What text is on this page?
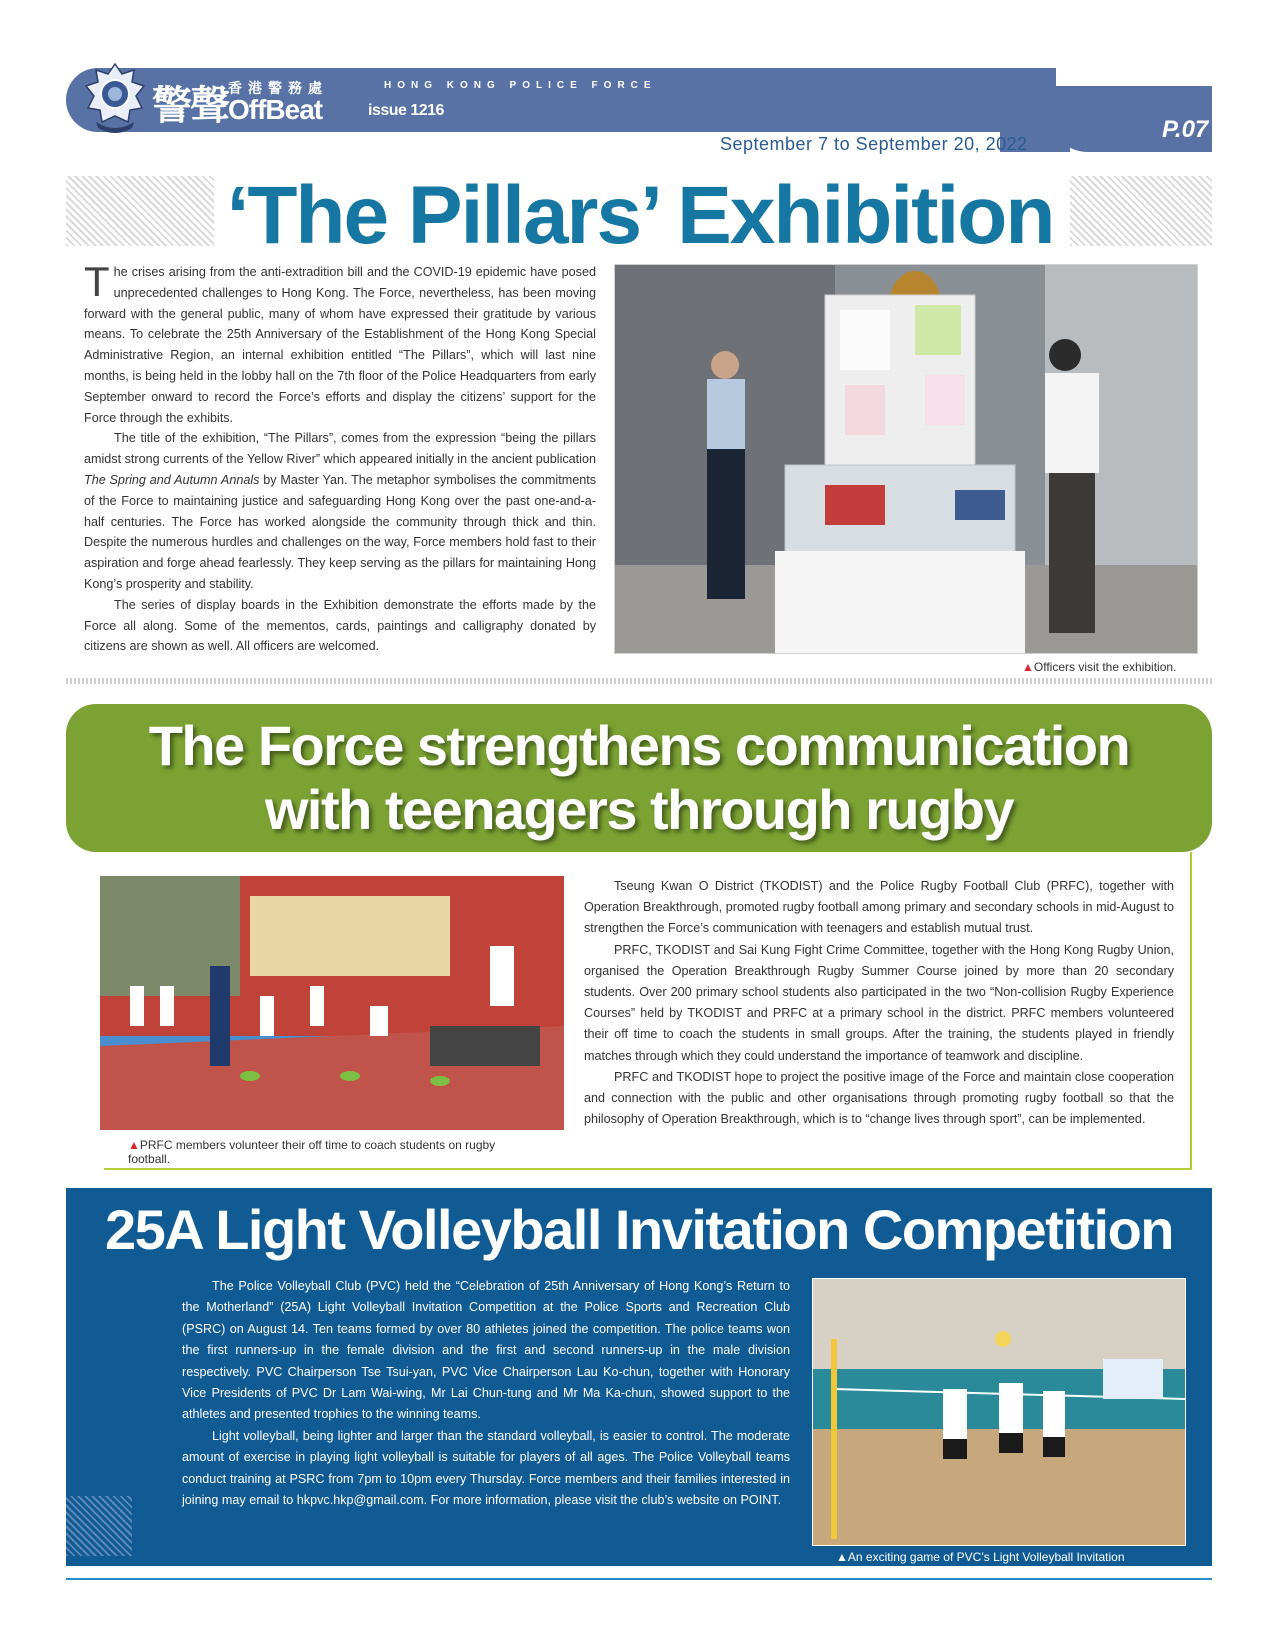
警聲 香港警務處
OffBeat
HONG KONG POLICE FORCE
issue 1216
P.07
September 7 to September 20, 2022
‘The Pillars’ Exhibition

The crises arising from the anti-extradition bill and the COVID-19 epidemic have posed unprecedented challenges to Hong Kong. The Force, nevertheless, has been moving forward with the general public, many of whom have expressed their gratitude by various means. To celebrate the 25th Anniversary of the Establishment of the Hong Kong Special Administrative Region, an internal exhibition entitled “The Pillars”, which will last nine months, is being held in the lobby hall on the 7th floor of the Police Headquarters from early September onward to record the Force’s efforts and display the citizens’ support for the Force through the exhibits.

The title of the exhibition, “The Pillars”, comes from the expression “being the pillars amidst strong currents of the Yellow River” which appeared initially in the ancient publication The Spring and Autumn Annals by Master Yan. The metaphor symbolises the commitments of the Force to maintaining justice and safeguarding Hong Kong over the past one-and-a-half centuries. The Force has worked alongside the community through thick and thin. Despite the numerous hurdles and challenges on the way, Force members hold fast to their aspiration and forge ahead fearlessly. They keep serving as the pillars for maintaining Hong Kong’s prosperity and stability.

The series of display boards in the Exhibition demonstrate the efforts made by the Force all along. Some of the mementos, cards, paintings and calligraphy donated by citizens are shown as well. All officers are welcomed.

▲Officers visit the exhibition.
The Force strengthens communication
with teenagers through rugby
▲PRFC members volunteer their off time to coach students on rugby football.

Tseung Kwan O District (TKODIST) and the Police Rugby Football Club (PRFC), together with Operation Breakthrough, promoted rugby football among primary and secondary schools in mid-August to strengthen the Force’s communication with teenagers and establish mutual trust.

PRFC, TKODIST and Sai Kung Fight Crime Committee, together with the Hong Kong Rugby Union, organised the Operation Breakthrough Rugby Summer Course joined by more than 20 secondary students. Over 200 primary school students also participated in the two “Non-collision Rugby Experience Courses” held by TKODIST and PRFC at a primary school in the district. PRFC members volunteered their off time to coach the students in small groups. After the training, the students played in friendly matches through which they could understand the importance of teamwork and discipline.

PRFC and TKODIST hope to project the positive image of the Force and maintain close cooperation and connection with the public and other organisations through promoting rugby football so that the philosophy of Operation Breakthrough, which is to “change lives through sport”, can be implemented.

25A Light Volleyball Invitation Competition

The Police Volleyball Club (PVC) held the “Celebration of 25th Anniversary of Hong Kong’s Return to the Motherland” (25A) Light Volleyball Invitation Competition at the Police Sports and Recreation Club (PSRC) on August 14. Ten teams formed by over 80 athletes joined the competition. The police teams won the first runners-up in the female division and the first and second runners-up in the male division respectively. PVC Chairperson Tse Tsui-yan, PVC Vice Chairperson Lau Ko-chun, together with Honorary Vice Presidents of PVC Dr Lam Wai-wing, Mr Lai Chun-tung and Mr Ma Ka-chun, showed support to the athletes and presented trophies to the winning teams.

Light volleyball, being lighter and larger than the standard volleyball, is easier to control. The moderate amount of exercise in playing light volleyball is suitable for players of all ages. The Police Volleyball teams conduct training at PSRC from 7pm to 10pm every Thursday. Force members and their families interested in joining may email to hkpvc.hkp@gmail.com. For more information, please visit the club’s website on POINT.

▲An exciting game of PVC’s Light Volleyball Invitation Competition.
